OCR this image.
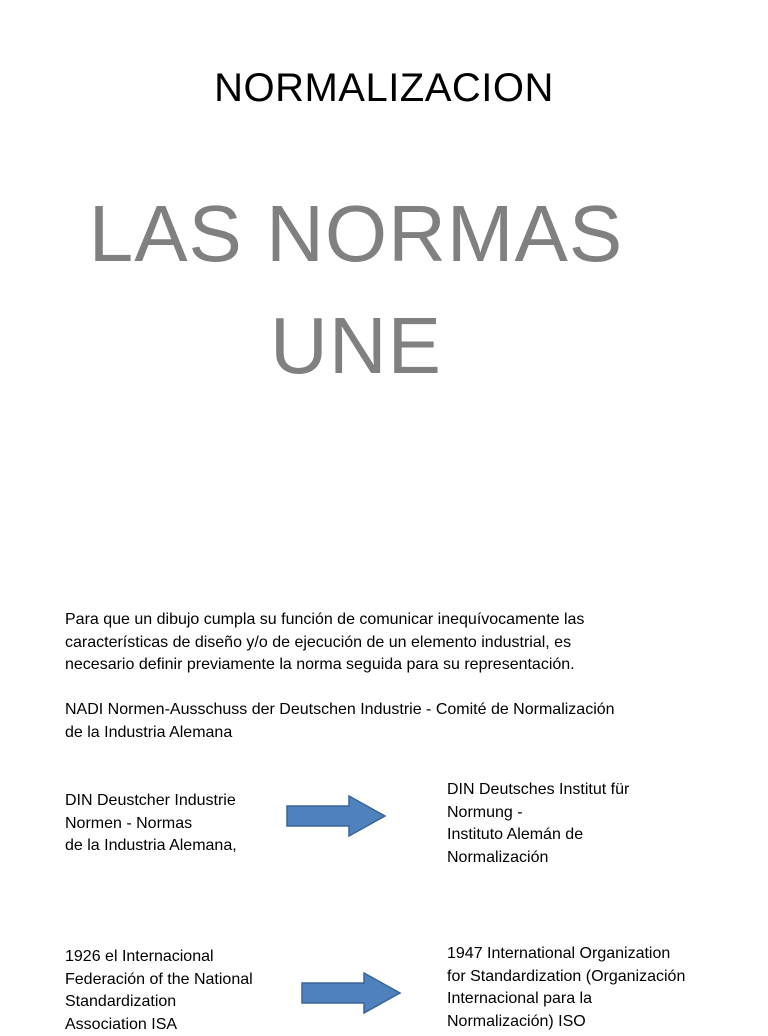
NORMALIZACION
LAS NORMAS
UNE
Para que un dibujo cumpla su función de comunicar inequívocamente las
características de diseño y/o de ejecución de un elemento industrial, es
necesario definir previamente la norma seguida para su representación.
NADI Normen-Ausschuss der Deutschen Industrie - Comité de Normalización
de la Industria Alemana
DIN Deustcher Industrie
Normen - Normas
de la Industria Alemana,
DIN Deutsches Institut für
Normung -
Instituto Alemán de
Normalización
1926 el Internacional
Federación of the National
Standardization
Association ISA
1947 International Organization
for Standardization (Organización
Internacional para la
Normalización) ISO
